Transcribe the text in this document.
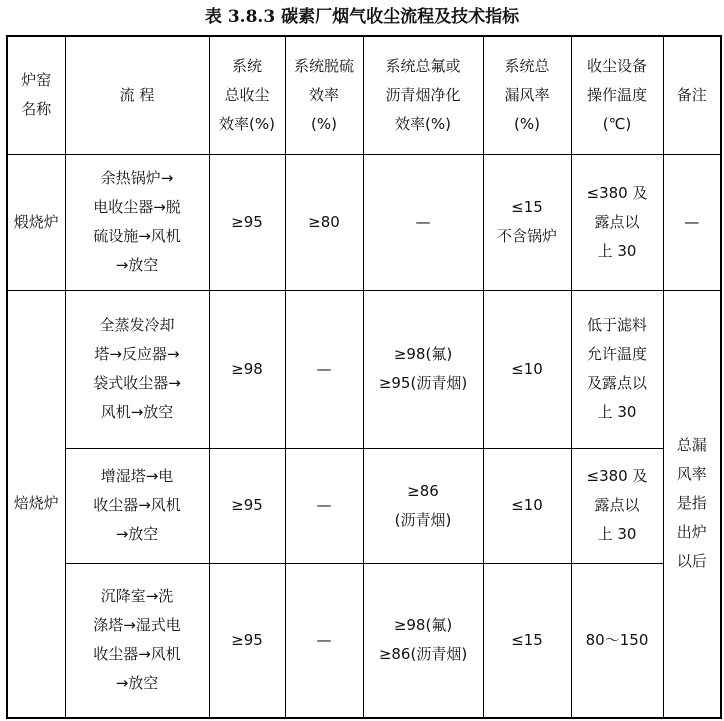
表 3.8.3 碳素厂烟气收尘流程及技术指标
炉窑
名称	流 程	系统
总收尘
效率(%)	系统脱硫
效率
(%)	系统总氟或
沥青烟净化
效率(%)	系统总
漏风率
(%)	收尘设备
操作温度
(℃)	备注
煅烧炉	余热锅炉→
电收尘器→脱
硫设施→风机
→放空	≥95	≥80	—	≤15
不含锅炉	≤380 及
露点以
上 30	—
焙烧炉	全蒸发冷却
塔→反应器→
袋式收尘器→
风机→放空	≥98	—	≥98(氟)
≥95(沥青烟)	≤10	低于滤料
允许温度
及露点以
上 30	总漏
风率
是指
出炉
以后
	增湿塔→电
收尘器→风机
→放空	≥95	—	≥86
(沥青烟)	≤10	≤380 及
露点以
上 30	
	沉降室→洗
涤塔→湿式电
收尘器→风机
→放空	≥95	—	≥98(氟)
≥86(沥青烟)	≤15	80～150	
